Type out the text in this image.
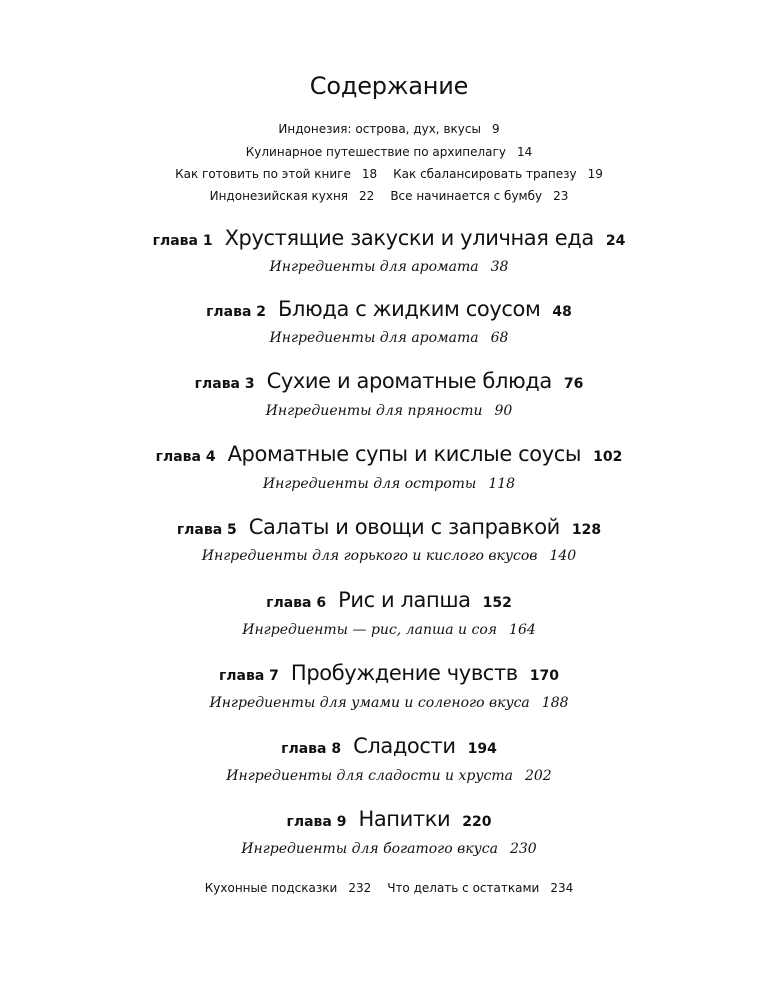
Содержание
Индонезия: острова, дух, вкусы 9
Кулинарное путешествие по архипелагу 14
Как готовить по этой книге 18 Как сбалансировать трапезу 19
Индонезийская кухня 22 Все начинается с бумбу 23
глава 1 Хрустящие закуски и уличная еда 24
Ингредиенты для аромата 38
глава 2 Блюда с жидким соусом 48
Ингредиенты для аромата 68
глава 3 Сухие и ароматные блюда 76
Ингредиенты для пряности 90
глава 4 Ароматные супы и кислые соусы 102
Ингредиенты для остроты 118
глава 5 Салаты и овощи с заправкой 128
Ингредиенты для горького и кислого вкусов 140
глава 6 Рис и лапша 152
Ингредиенты — рис, лапша и соя 164
глава 7 Пробуждение чувств 170
Ингредиенты для умами и соленого вкуса 188
глава 8 Сладости 194
Ингредиенты для сладости и хруста 202
глава 9 Напитки 220
Ингредиенты для богатого вкуса 230
Кухонные подсказки 232 Что делать с остатками 234
